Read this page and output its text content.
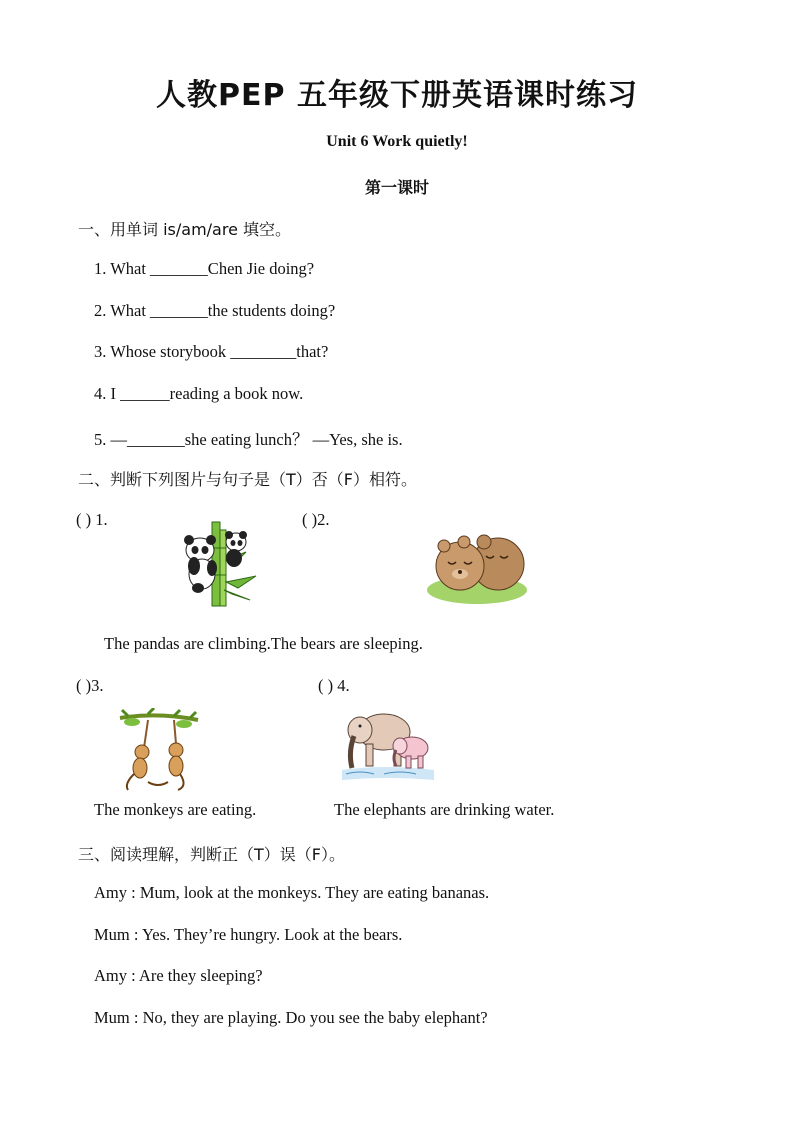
人教PEP 五年级下册英语课时练习
Unit 6 Work quietly!
第一课时
一、用单词 is/am/are 填空。
1. What _______Chen Jie doing?
2. What _______the students doing?
3. Whose storybook ________that?
4. I ______reading a book now.
5. —_______she eating lunch？ —Yes, she is.
二、判断下列图片与句子是（T）否（F）相符。
( ) 1.	( )2.
The pandas are climbing.The bears are sleeping.
( )3.	( ) 4.
The monkeys are eating.	The elephants are drinking water.
三、阅读理解，判断正（T）误（F）。
Amy : Mum, look at the monkeys. They are eating bananas.
Mum : Yes. They’re hungry. Look at the bears.
Amy : Are they sleeping?
Mum : No, they are playing. Do you see the baby elephant?
